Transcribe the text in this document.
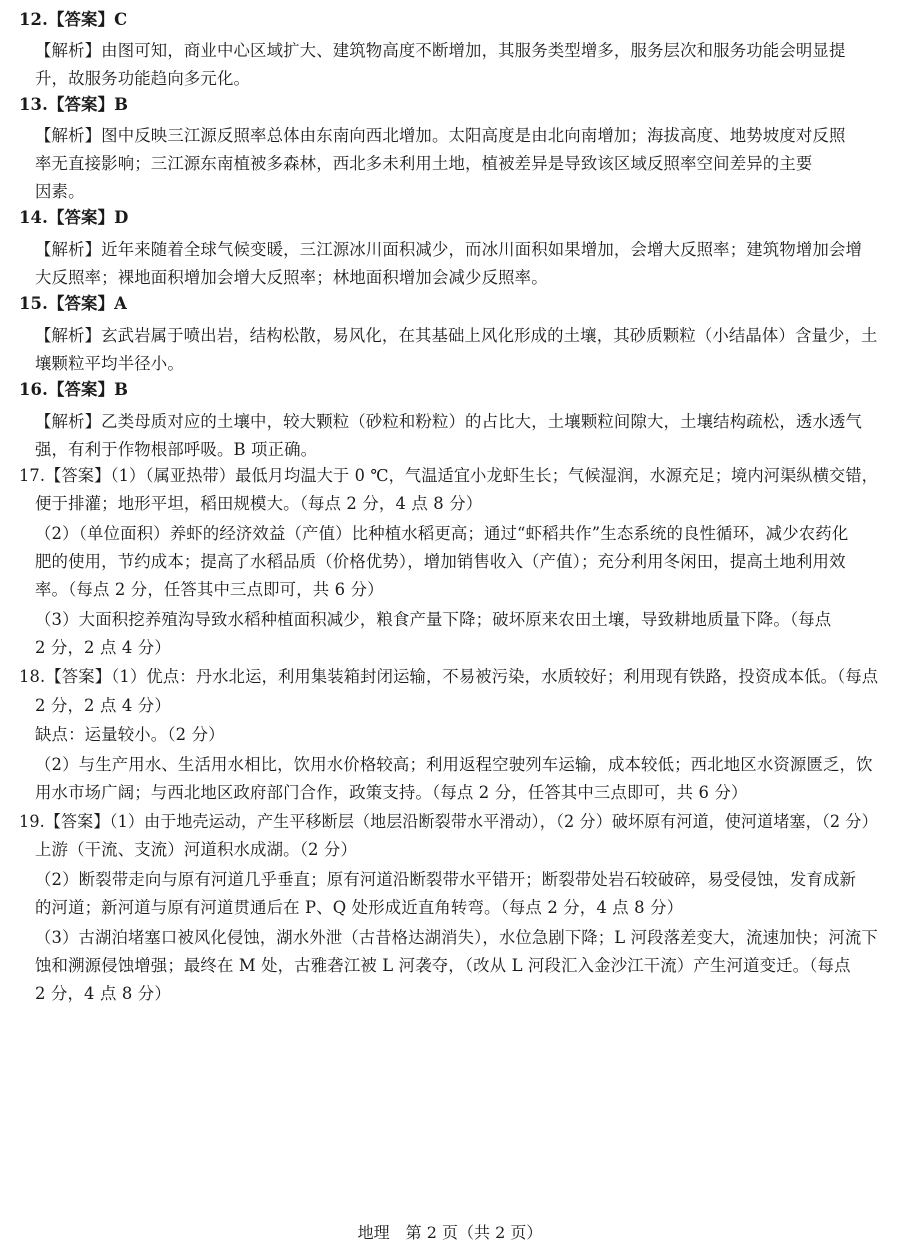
12.【答案】C
【解析】由图可知，商业中心区域扩大、建筑物高度不断增加，其服务类型增多，服务层次和服务功能会明显提
升，故服务功能趋向多元化。
13.【答案】B
【解析】图中反映三江源反照率总体由东南向西北增加。太阳高度是由北向南增加；海拔高度、地势坡度对反照
率无直接影响；三江源东南植被多森林，西北多未利用土地，植被差异是导致该区域反照率空间差异的主要
因素。
14.【答案】D
【解析】近年来随着全球气候变暖，三江源冰川面积减少，而冰川面积如果增加，会增大反照率；建筑物增加会增
大反照率；裸地面积增加会增大反照率；林地面积增加会减少反照率。
15.【答案】A
【解析】玄武岩属于喷出岩，结构松散，易风化，在其基础上风化形成的土壤，其砂质颗粒（小结晶体）含量少，土
壤颗粒平均半径小。
16.【答案】B
【解析】乙类母质对应的土壤中，较大颗粒（砂粒和粉粒）的占比大，土壤颗粒间隙大，土壤结构疏松，透水透气
强，有利于作物根部呼吸。B 项正确。
17.【答案】（1）（属亚热带）最低月均温大于 0 ℃，气温适宜小龙虾生长；气候湿润，水源充足；境内河渠纵横交错，
便于排灌；地形平坦，稻田规模大。（每点 2 分，4 点 8 分）
（2）（单位面积）养虾的经济效益（产值）比种植水稻更高；通过“虾稻共作”生态系统的良性循环，减少农药化
肥的使用，节约成本；提高了水稻品质（价格优势），增加销售收入（产值）；充分利用冬闲田，提高土地利用效
率。（每点 2 分，任答其中三点即可，共 6 分）
（3）大面积挖养殖沟导致水稻种植面积减少，粮食产量下降；破坏原来农田土壤，导致耕地质量下降。（每点
2 分，2 点 4 分）
18.【答案】（1）优点：丹水北运，利用集装箱封闭运输，不易被污染，水质较好；利用现有铁路，投资成本低。（每点
2 分，2 点 4 分）
缺点：运量较小。（2 分）
（2）与生产用水、生活用水相比，饮用水价格较高；利用返程空驶列车运输，成本较低；西北地区水资源匮乏，饮
用水市场广阔；与西北地区政府部门合作，政策支持。（每点 2 分，任答其中三点即可，共 6 分）
19.【答案】（1）由于地壳运动，产生平移断层（地层沿断裂带水平滑动），（2 分）破坏原有河道，使河道堵塞，（2 分）
上游（干流、支流）河道积水成湖。（2 分）
（2）断裂带走向与原有河道几乎垂直；原有河道沿断裂带水平错开；断裂带处岩石较破碎，易受侵蚀，发育成新
的河道；新河道与原有河道贯通后在 P、Q 处形成近直角转弯。（每点 2 分，4 点 8 分）
（3）古湖泊堵塞口被风化侵蚀，湖水外泄（古昔格达湖消失），水位急剧下降；L 河段落差变大，流速加快；河流下
蚀和溯源侵蚀增强；最终在 M 处，古雅砻江被 L 河袭夺，（改从 L 河段汇入金沙江干流）产生河道变迁。（每点
2 分，4 点 8 分）
地理　第 2 页（共 2 页）
